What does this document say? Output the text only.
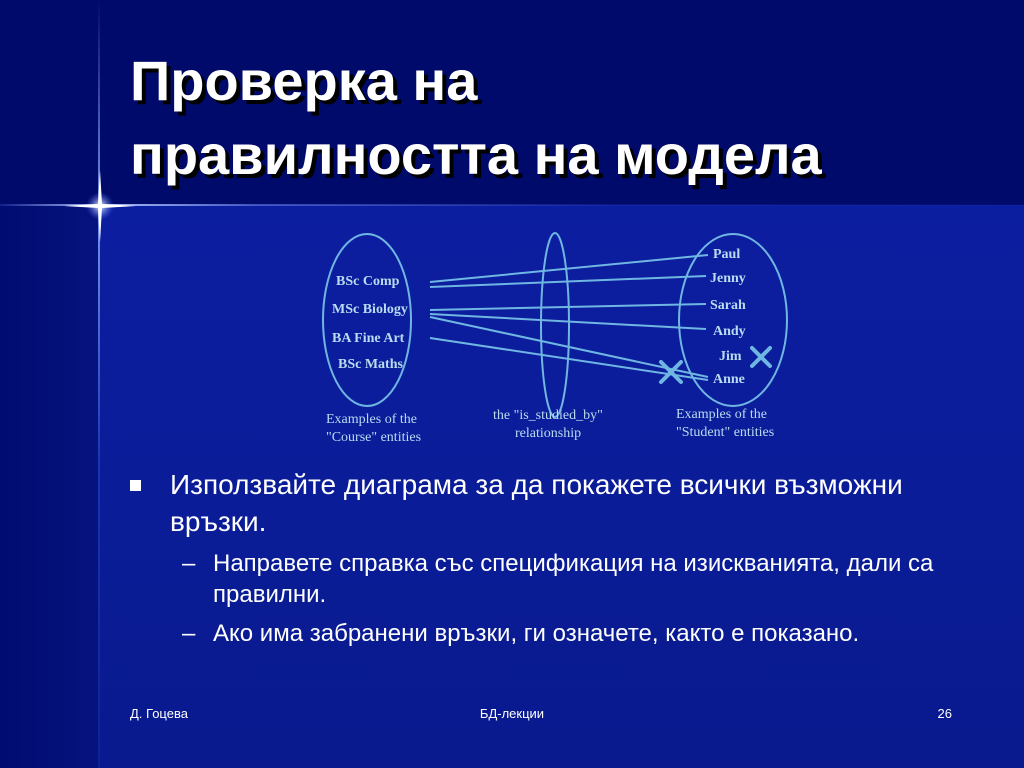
Проверка на
правилността на модела
BSc Comp
MSc Biology
BA Fine Art
BSc Maths
Paul
Jenny
Sarah
Andy
Jim
Anne
Examples of the
"Course" entities
the "is_studied_by"
relationship
Examples of the
"Student" entities
Използвайте диаграма за да покажете всички възможни връзки.
– Направете справка със спецификация на изискванията, дали са правилни.
– Ако има забранени връзки, ги означете, както е показано.
Д. Гоцева	БД-лекции	26
